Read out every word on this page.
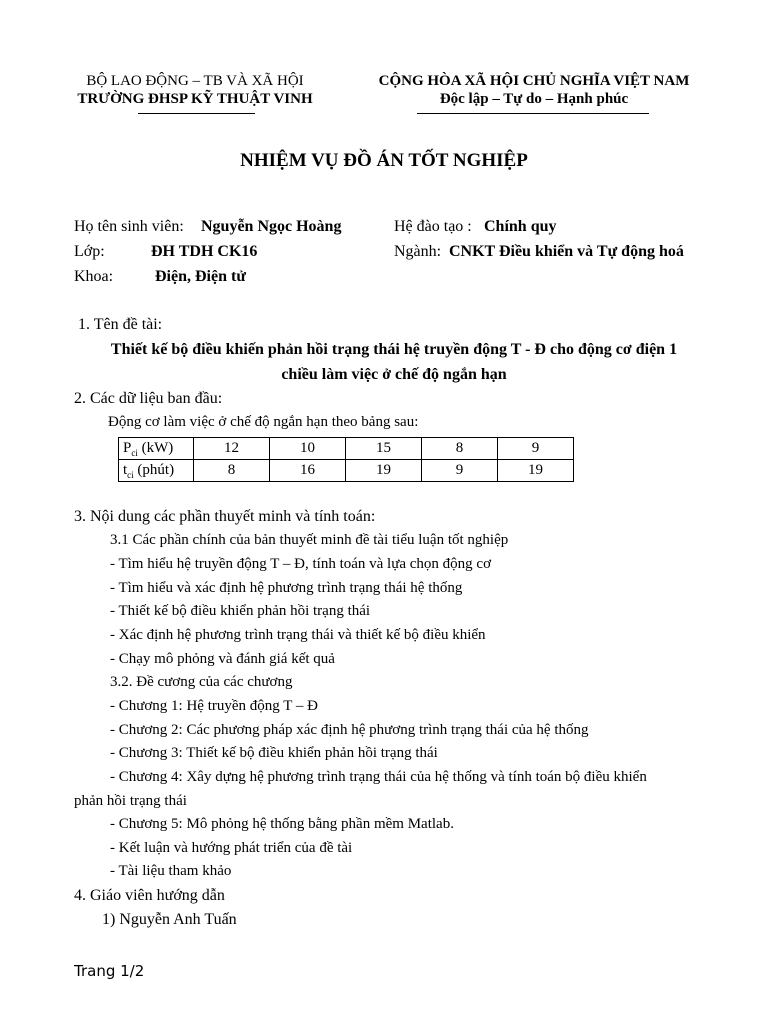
BỘ LAO ĐỘNG – TB VÀ XÃ HỘI
TRƯỜNG ĐHSP KỸ THUẬT VINH
CỘNG HÒA XÃ HỘI CHỦ NGHĨA VIỆT NAM
Độc lập – Tự do – Hạnh phúc
NHIỆM VỤ ĐỒ ÁN TỐT NGHIỆP
Họ tên sinh viên: Nguyễn Ngọc Hoàng
Lớp:	ĐH TDH CK16
Khoa:	Điện, Điện tử
Hệ đào tạo : Chính quy
Ngành: CNKT Điều khiển và Tự động hoá
1. Tên đề tài:
Thiết kế bộ điều khiến phản hồi trạng thái hệ truyền động T - Đ cho động cơ điện 1
chiều làm việc ở chế độ ngắn hạn
2. Các dữ liệu ban đầu:
Động cơ làm việc ở chế độ ngắn hạn theo bảng sau:
$P_{ci}$ (kW)	12	10	15	8	9
$t_{ci}$ (phút)	8	16	19	9	19
3. Nội dung các phần thuyết minh và tính toán:
3.1 Các phần chính của bản thuyết minh đề tài tiểu luận tốt nghiệp
- Tìm hiểu hệ truyền động T – Đ, tính toán và lựa chọn động cơ
- Tìm hiểu và xác định hệ phương trình trạng thái hệ thống
- Thiết kế bộ điều khiển phản hồi trạng thái
- Xác định hệ phương trình trạng thái và thiết kế bộ điều khiển
- Chạy mô phỏng và đánh giá kết quả
3.2. Đề cương của các chương
- Chương 1: Hệ truyền động T – Đ
- Chương 2: Các phương pháp xác định hệ phương trình trạng thái của hệ thống
- Chương 3: Thiết kế bộ điều khiển phản hồi trạng thái
- Chương 4: Xây dựng hệ phương trình trạng thái của hệ thống và tính toán bộ điều khiển
phản hồi trạng thái
- Chương 5: Mô phỏng hệ thống bằng phần mềm Matlab.
- Kết luận và hướng phát triển của đề tài
- Tài liệu tham khảo
4. Giáo viên hướng dẫn
1) Nguyễn Anh Tuấn
Trang 1/2
